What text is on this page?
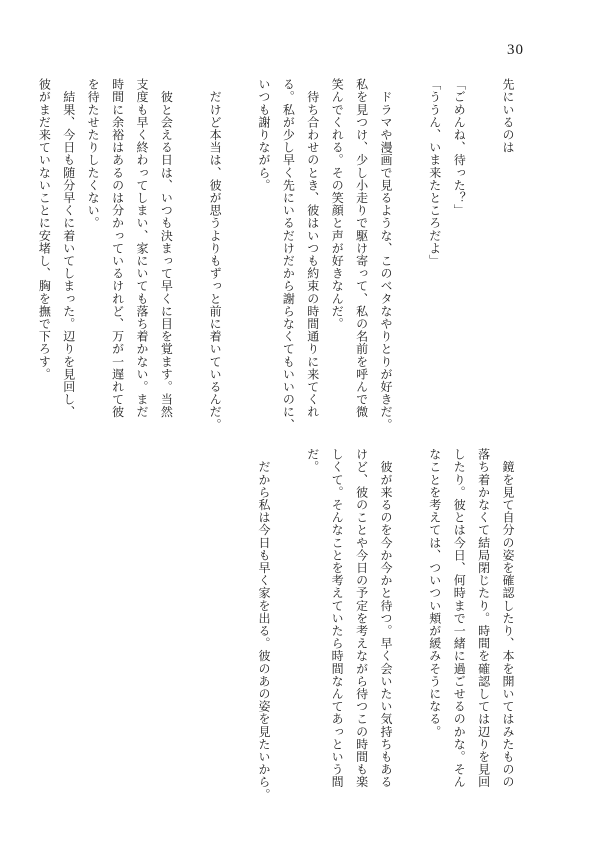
30
先にいるのは
「ごめんね、待った？」
「ううん、いま来たところだよ」
　ドラマや漫画で見るような、このベタなやりとりが好きだ。
私を見つけ、少し小走りで駆け寄って、私の名前を呼んで微
笑んでくれる。その笑顔と声が好きなんだ。
　待ち合わせのとき、彼はいつも約束の時間通りに来てくれ
る。私が少し早く先にいるだけだから謝らなくてもいいのに、
いつも謝りながら。
　だけど本当は、彼が思うよりもずっと前に着いているんだ。
　彼と会える日は、いつも決まって早くに目を覚ます。当然
支度も早く終わってしまい、家にいても落ち着かない。まだ
時間に余裕はあるのは分かっているけれど、万が一遅れて彼
を待たせたりしたくない。
　結果、今日も随分早くに着いてしまった。辺りを見回し、
彼がまだ来ていないことに安堵し、胸を撫で下ろす。
　鏡を見て自分の姿を確認したり、本を開いてはみたものの
落ち着かなくて結局閉じたり。時間を確認しては辺りを見回
したり。彼とは今日、何時まで一緒に過ごせるのかな。そん
なことを考えては、ついつい頬が緩みそうになる。
　彼が来るのを今か今かと待つ。早く会いたい気持ちもある
けど、彼のことや今日の予定を考えながら待つこの時間も楽
しくて。そんなことを考えていたら時間なんてあっという間
だ。
　だから私は今日も早く家を出る。彼のあの姿を見たいから。
